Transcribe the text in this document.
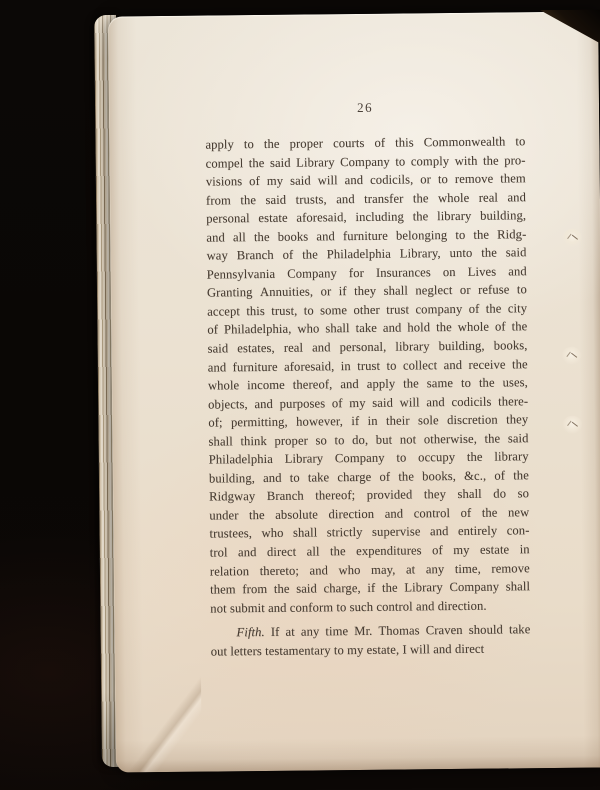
26
apply to the proper courts of this Commonwealth to
compel the said Library Company to comply with the pro-
visions of my said will and codicils, or to remove them
from the said trusts, and transfer the whole real and
personal estate aforesaid, including the library building,
and all the books and furniture belonging to the Ridg-
way Branch of the Philadelphia Library, unto the said
Pennsylvania Company for Insurances on Lives and
Granting Annuities, or if they shall neglect or refuse to
accept this trust, to some other trust company of the city
of Philadelphia, who shall take and hold the whole of the
said estates, real and personal, library building, books,
and furniture aforesaid, in trust to collect and receive the
whole income thereof, and apply the same to the uses,
objects, and purposes of my said will and codicils there-
of; permitting, however, if in their sole discretion they
shall think proper so to do, but not otherwise, the said
Philadelphia Library Company to occupy the library
building, and to take charge of the books, &c., of the
Ridgway Branch thereof; provided they shall do so
under the absolute direction and control of the new
trustees, who shall strictly supervise and entirely con-
trol and direct all the expenditures of my estate in
relation thereto; and who may, at any time, remove
them from the said charge, if the Library Company shall
not submit and conform to such control and direction.
Fifth. If at any time Mr. Thomas Craven should take
out letters testamentary to my estate, I will and direct
